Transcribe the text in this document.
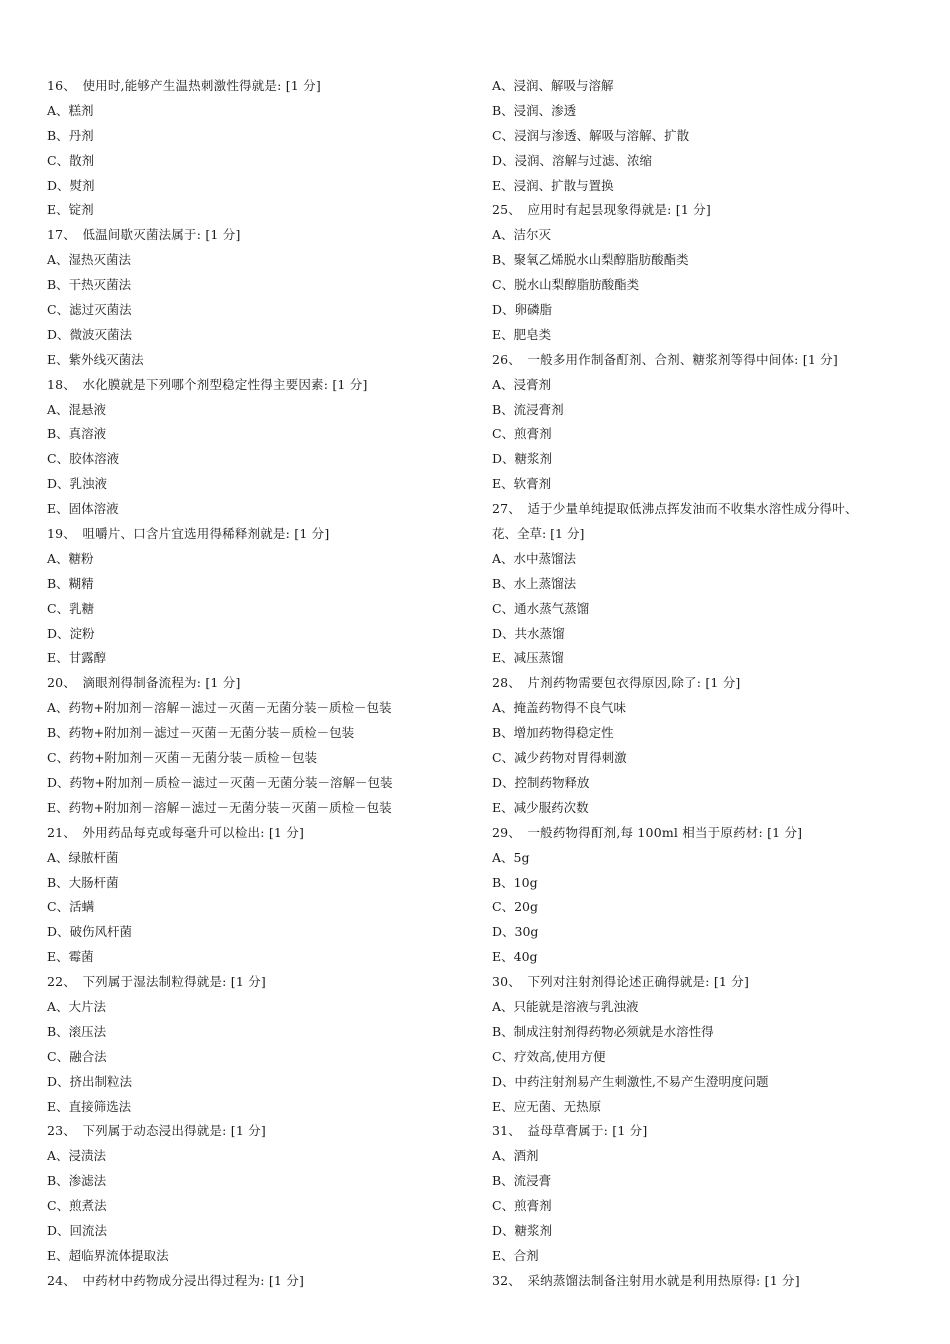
16、　使用时,能够产生温热刺激性得就是: [1 分]
A、糕剂
B、丹剂
C、散剂
D、熨剂
E、锭剂
17、　低温间歇灭菌法属于: [1 分]
A、湿热灭菌法
B、干热灭菌法
C、滤过灭菌法
D、微波灭菌法
E、紫外线灭菌法
18、　水化膜就是下列哪个剂型稳定性得主要因素: [1 分]
A、混悬液
B、真溶液
C、胶体溶液
D、乳浊液
E、固体溶液
19、　咀嚼片、口含片宜选用得稀释剂就是: [1 分]
A、糖粉
B、糊精
C、乳糖
D、淀粉
E、甘露醇
20、　滴眼剂得制备流程为: [1 分]
A、药物+附加剂－溶解－滤过－灭菌－无菌分装－质检－包装
B、药物+附加剂－滤过－灭菌－无菌分装－质检－包装
C、药物+附加剂－灭菌－无菌分装－质检－包装
D、药物+附加剂－质检－滤过－灭菌－无菌分装－溶解－包装
E、药物+附加剂－溶解－滤过－无菌分装－灭菌－质检－包装
21、　外用药品每克或每毫升可以检出: [1 分]
A、绿脓杆菌
B、大肠杆菌
C、活螨
D、破伤风杆菌
E、霉菌
22、　下列属于湿法制粒得就是: [1 分]
A、大片法
B、滚压法
C、融合法
D、挤出制粒法
E、直接筛选法
23、　下列属于动态浸出得就是: [1 分]
A、浸渍法
B、渗滤法
C、煎煮法
D、回流法
E、超临界流体提取法
24、　中药材中药物成分浸出得过程为: [1 分]
A、浸润、解吸与溶解
B、浸润、渗透
C、浸润与渗透、解吸与溶解、扩散
D、浸润、溶解与过滤、浓缩
E、浸润、扩散与置换
25、　应用时有起昙现象得就是: [1 分]
A、洁尔灭
B、聚氧乙烯脱水山梨醇脂肪酸酯类
C、脱水山梨醇脂肪酸酯类
D、卵磷脂
E、肥皂类
26、　一般多用作制备酊剂、合剂、糖浆剂等得中间体: [1 分]
A、浸膏剂
B、流浸膏剂
C、煎膏剂
D、糖浆剂
E、软膏剂
27、　适于少量单纯提取低沸点挥发油而不收集水溶性成分得叶、
花、全草: [1 分]
A、水中蒸馏法
B、水上蒸馏法
C、通水蒸气蒸馏
D、共水蒸馏
E、减压蒸馏
28、　片剂药物需要包衣得原因,除了: [1 分]
A、掩盖药物得不良气味
B、增加药物得稳定性
C、减少药物对胃得刺激
D、控制药物释放
E、减少服药次数
29、　一般药物得酊剂,每 100ml 相当于原药材: [1 分]
A、5g
B、10g
C、20g
D、30g
E、40g
30、　下列对注射剂得论述正确得就是: [1 分]
A、只能就是溶液与乳浊液
B、制成注射剂得药物必须就是水溶性得
C、疗效高,使用方便
D、中药注射剂易产生刺激性,不易产生澄明度问题
E、应无菌、无热原
31、　益母草膏属于: [1 分]
A、酒剂
B、流浸膏
C、煎膏剂
D、糖浆剂
E、合剂
32、　采纳蒸馏法制备注射用水就是利用热原得: [1 分]
